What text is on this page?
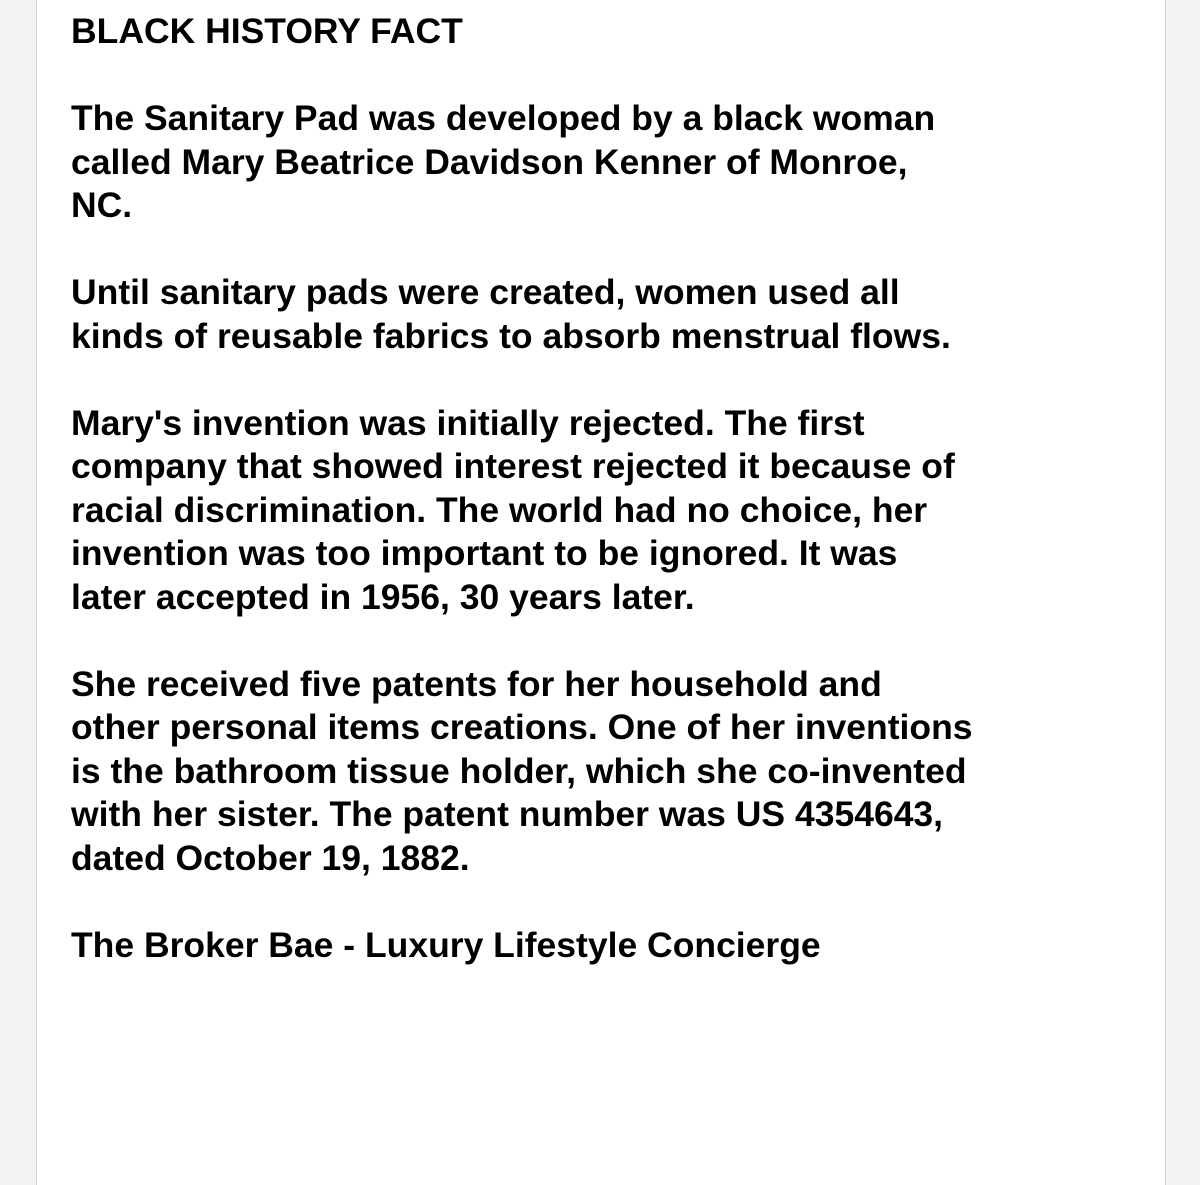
BLACK HISTORY FACT

The Sanitary Pad was developed by a black woman
called Mary Beatrice Davidson Kenner of Monroe,
NC.

Until sanitary pads were created, women used all
kinds of reusable fabrics to absorb menstrual flows.

Mary's invention was initially rejected. The first
company that showed interest rejected it because of
racial discrimination. The world had no choice, her
invention was too important to be ignored. It was
later accepted in 1956, 30 years later.

She received five patents for her household and
other personal items creations. One of her inventions
is the bathroom tissue holder, which she co-invented
with her sister. The patent number was US 4354643,
dated October 19, 1882.

The Broker Bae - Luxury Lifestyle Concierge
